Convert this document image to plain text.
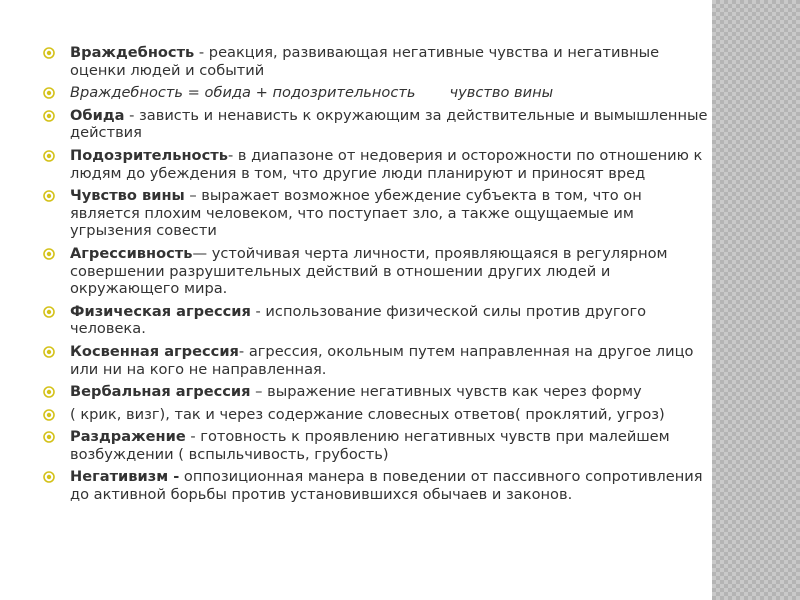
Враждебность - реакция, развивающая негативные чувства и негативные оценки людей и событий
Враждебность = обида + подозрительность чувство вины
Обида - зависть и ненависть к окружающим за действительные и вымышленные действия
Подозрительность- в диапазоне от недоверия и осторожности по отношению к людям до убеждения в том, что другие люди планируют и приносят вред
Чувство вины – выражает возможное убеждение субъекта в том, что он является плохим человеком, что поступает зло, а также ощущаемые им угрызения совести
Агрессивность— устойчивая черта личности, проявляющаяся в регулярном совершении разрушительных действий в отношении других людей и окружающего мира.
Физическая агрессия - использование физической силы против другого человека.
Косвенная агрессия- агрессия, окольным путем направленная на другое лицо или ни на кого не направленная.
Вербальная агрессия – выражение негативных чувств как через форму
( крик, визг), так и через содержание словесных ответов( проклятий, угроз)
Раздражение - готовность к проявлению негативных чувств при малейшем возбуждении ( вспыльчивость, грубость)
Негативизм - оппозиционная манера в поведении от пассивного сопротивления до активной борьбы против установившихся обычаев и законов.
